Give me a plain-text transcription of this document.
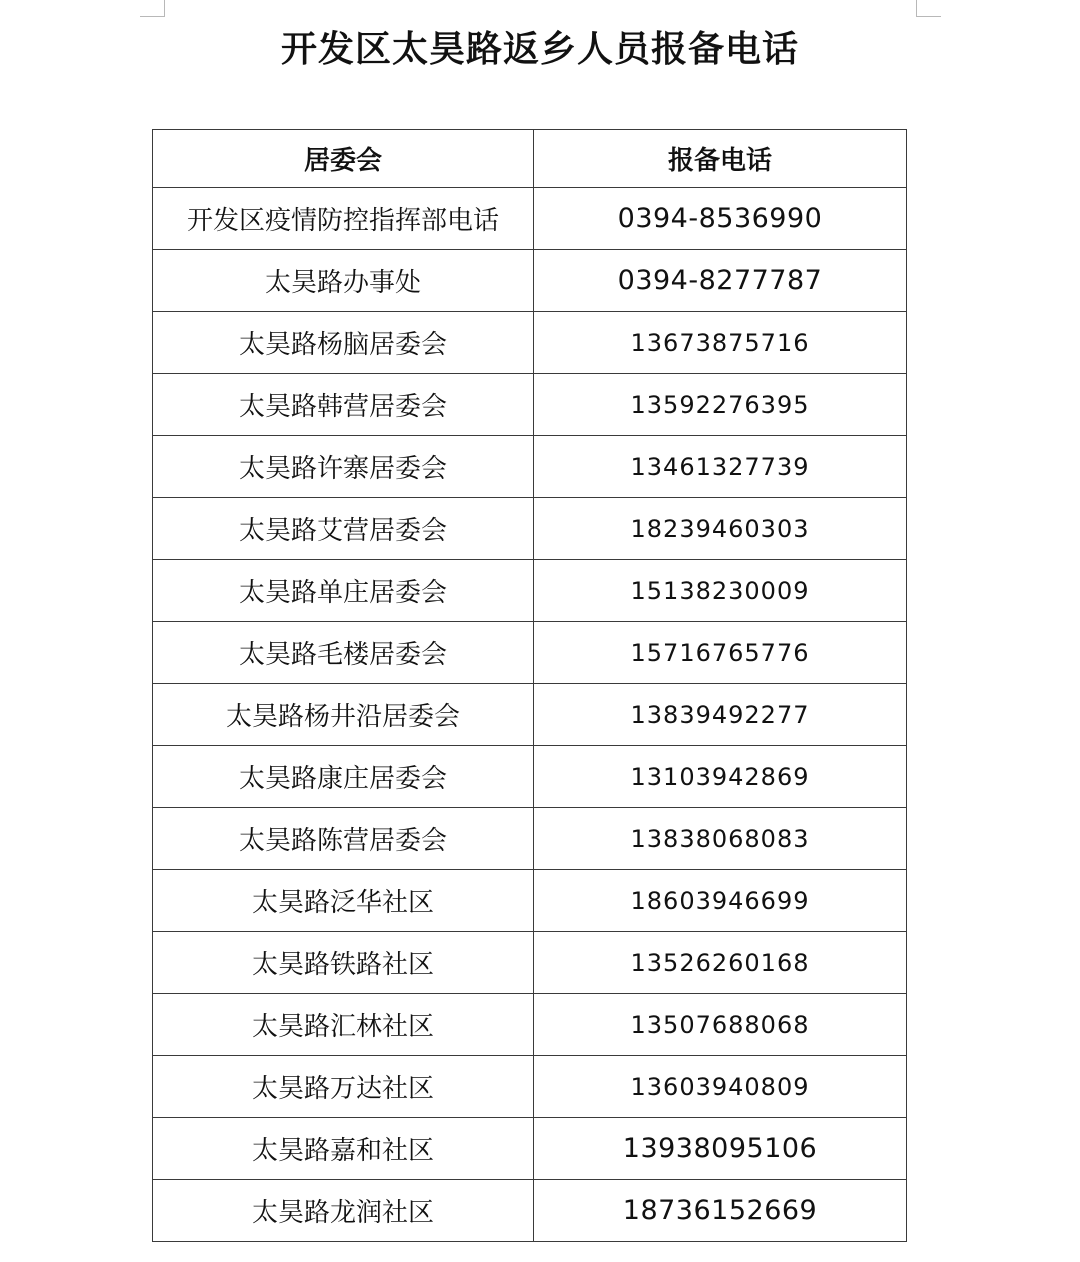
开发区太昊路返乡人员报备电话
居委会	报备电话
开发区疫情防控指挥部电话	0394-8536990
太昊路办事处	0394-8277787
太昊路杨脑居委会	13673875716
太昊路韩营居委会	13592276395
太昊路许寨居委会	13461327739
太昊路艾营居委会	18239460303
太昊路单庄居委会	15138230009
太昊路毛楼居委会	15716765776
太昊路杨井沿居委会	13839492277
太昊路康庄居委会	13103942869
太昊路陈营居委会	13838068083
太昊路泛华社区	18603946699
太昊路铁路社区	13526260168
太昊路汇林社区	13507688068
太昊路万达社区	13603940809
太昊路嘉和社区	13938095106
太昊路龙润社区	18736152669
